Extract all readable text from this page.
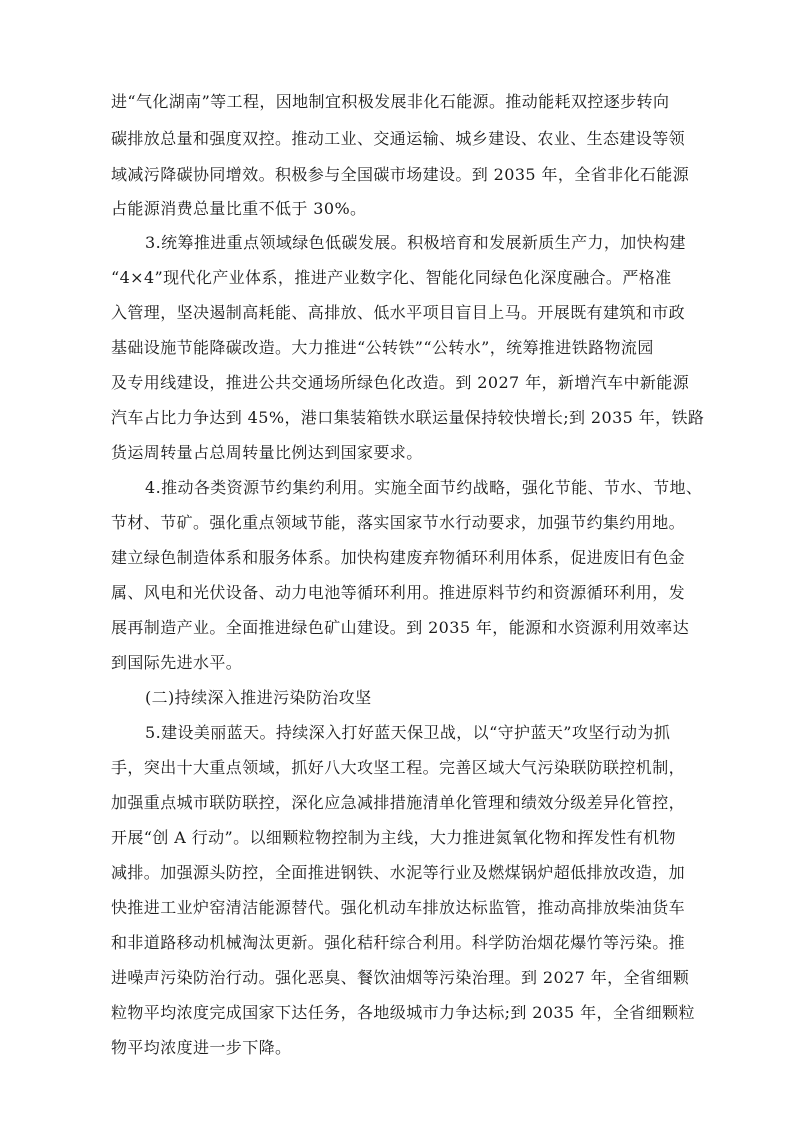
进“气化湖南”等工程，因地制宜积极发展非化石能源。推动能耗双控逐步转向
碳排放总量和强度双控。推动工业、交通运输、城乡建设、农业、生态建设等领
域减污降碳协同增效。积极参与全国碳市场建设。到 2035 年，全省非化石能源
占能源消费总量比重不低于 30%。
3.统筹推进重点领域绿色低碳发展。积极培育和发展新质生产力，加快构建
“4×4”现代化产业体系，推进产业数字化、智能化同绿色化深度融合。严格准
入管理，坚决遏制高耗能、高排放、低水平项目盲目上马。开展既有建筑和市政
基础设施节能降碳改造。大力推进“公转铁”“公转水”，统筹推进铁路物流园
及专用线建设，推进公共交通场所绿色化改造。到 2027 年，新增汽车中新能源
汽车占比力争达到 45%，港口集装箱铁水联运量保持较快增长;到 2035 年，铁路
货运周转量占总周转量比例达到国家要求。
4.推动各类资源节约集约利用。实施全面节约战略，强化节能、节水、节地、
节材、节矿。强化重点领域节能，落实国家节水行动要求，加强节约集约用地。
建立绿色制造体系和服务体系。加快构建废弃物循环利用体系，促进废旧有色金
属、风电和光伏设备、动力电池等循环利用。推进原料节约和资源循环利用，发
展再制造产业。全面推进绿色矿山建设。到 2035 年，能源和水资源利用效率达
到国际先进水平。
(二)持续深入推进污染防治攻坚
5.建设美丽蓝天。持续深入打好蓝天保卫战，以“守护蓝天”攻坚行动为抓
手，突出十大重点领域，抓好八大攻坚工程。完善区域大气污染联防联控机制，
加强重点城市联防联控，深化应急减排措施清单化管理和绩效分级差异化管控，
开展“创 A 行动”。以细颗粒物控制为主线，大力推进氮氧化物和挥发性有机物
减排。加强源头防控，全面推进钢铁、水泥等行业及燃煤锅炉超低排放改造，加
快推进工业炉窑清洁能源替代。强化机动车排放达标监管，推动高排放柴油货车
和非道路移动机械淘汰更新。强化秸秆综合利用。科学防治烟花爆竹等污染。推
进噪声污染防治行动。强化恶臭、餐饮油烟等污染治理。到 2027 年，全省细颗
粒物平均浓度完成国家下达任务，各地级城市力争达标;到 2035 年，全省细颗粒
物平均浓度进一步下降。
